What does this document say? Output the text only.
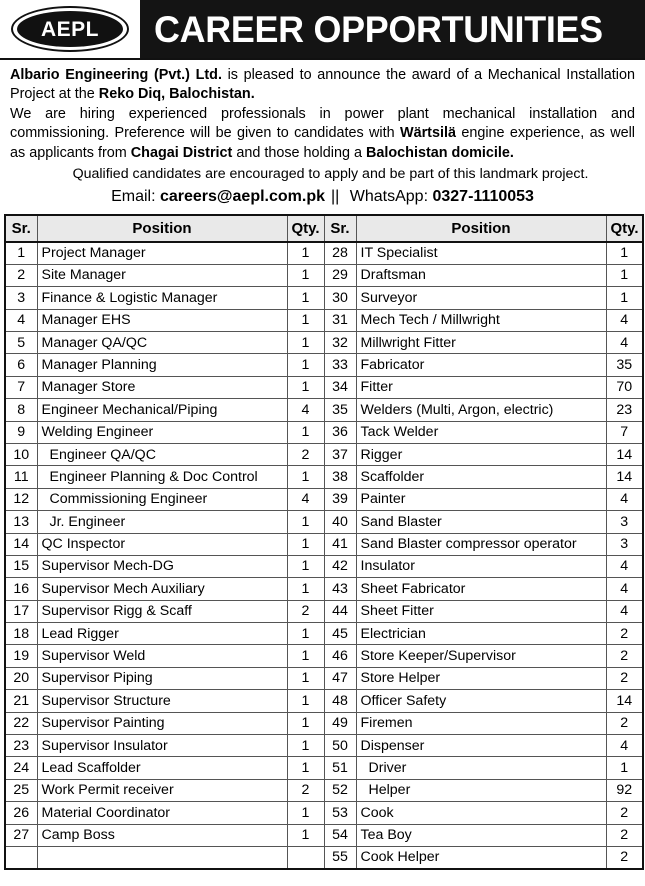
AEPL CAREER OPPORTUNITIES

Albario Engineering (Pvt.) Ltd. is pleased to announce the award of a Mechanical Installation Project at the Reko Diq, Balochistan.

We are hiring experienced professionals in power plant mechanical installation and commissioning. Preference will be given to candidates with Wärtsilä engine experience, as well as applicants from Chagai District and those holding a Balochistan domicile.

Qualified candidates are encouraged to apply and be part of this landmark project.
Email: careers@aepl.com.pk || WhatsApp: 0327-1110053
Sr.	Position	Qty.	Sr.	Position	Qty.
1	Project Manager	1	28	IT Specialist	1
2	Site Manager	1	29	Draftsman	1
3	Finance & Logistic Manager	1	30	Surveyor	1
4	Manager EHS	1	31	Mech Tech / Millwright	4
5	Manager QA/QC	1	32	Millwright Fitter	4
6	Manager Planning	1	33	Fabricator	35
7	Manager Store	1	34	Fitter	70
8	Engineer Mechanical/Piping	4	35	Welders (Multi, Argon, electric)	23
9	Welding Engineer	1	36	Tack Welder	7
10	Engineer QA/QC	2	37	Rigger	14
11	Engineer Planning & Doc Control	1	38	Scaffolder	14
12	Commissioning Engineer	4	39	Painter	4
13	Jr. Engineer	1	40	Sand Blaster	3
14	QC Inspector	1	41	Sand Blaster compressor operator	3
15	Supervisor Mech-DG	1	42	Insulator	4
16	Supervisor Mech Auxiliary	1	43	Sheet Fabricator	4
17	Supervisor Rigg & Scaff	2	44	Sheet Fitter	4
18	Lead Rigger	1	45	Electrician	2
19	Supervisor Weld	1	46	Store Keeper/Supervisor	2
20	Supervisor Piping	1	47	Store Helper	2
21	Supervisor Structure	1	48	Officer Safety	14
22	Supervisor Painting	1	49	Firemen	2
23	Supervisor Insulator	1	50	Dispenser	4
24	Lead Scaffolder	1	51	Driver	1
25	Work Permit receiver	2	52	Helper	92
26	Material Coordinator	1	53	Cook	2
27	Camp Boss	1	54	Tea Boy	2
			55	Cook Helper	2
